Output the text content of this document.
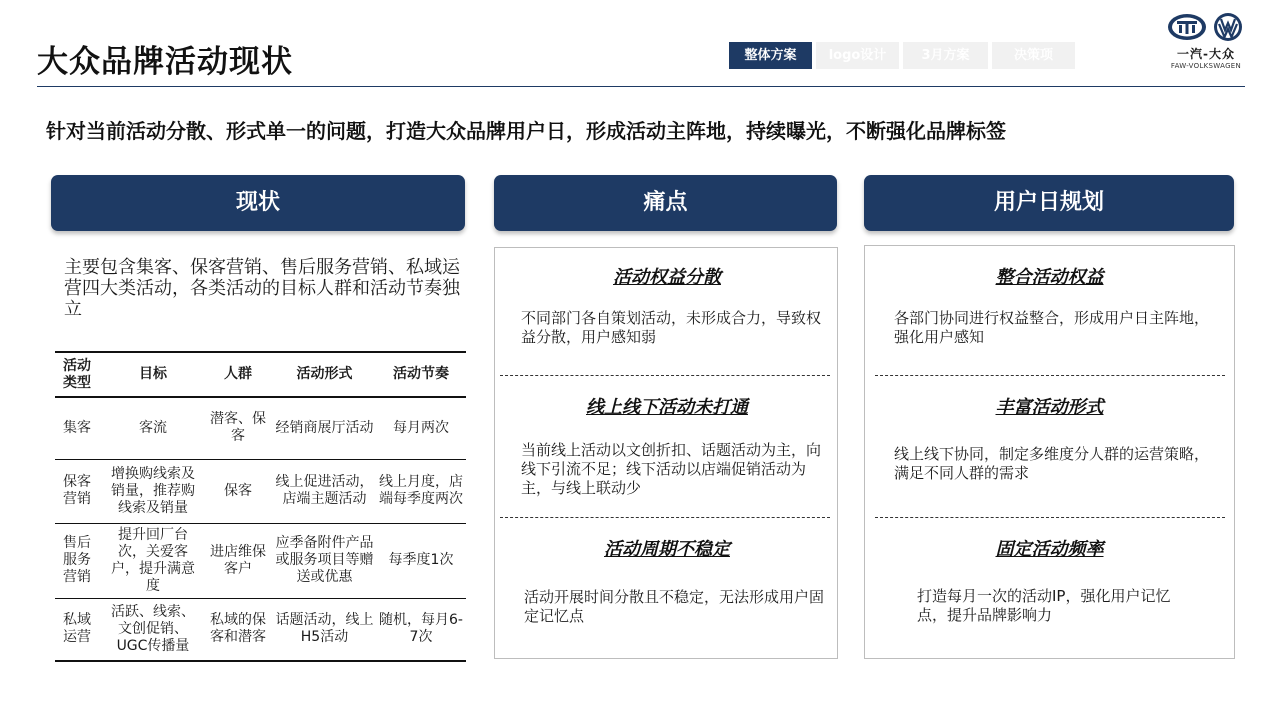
大众品牌活动现状	整体方案	logo设计	3月方案	决策项	一汽-大众
FAW-VOLKSWAGEN
针对当前活动分散、形式单一的问题，打造大众品牌用户日，形成活动主阵地，持续曝光，不断强化品牌标签
现状	痛点	用户日规划
主要包含集客、保客营销、售后服务营销、私域运营四大类活动，各类活动的目标人群和活动节奏独立
活动类型	目标	人群	活动形式	活动节奏
集客	客流	潜客、保客	经销商展厅活动	每月两次
保客营销	增换购线索及销量，推荐购线索及销量	保客	线上促进活动，店端主题活动	线上月度，店端每季度两次
售后服务营销	提升回厂台次，关爱客户，提升满意度	进店维保客户	应季备附件产品或服务项目等赠送或优惠	每季度1次
私域运营	活跃、线索、文创促销、UGC传播量	私域的保客和潜客	话题活动，线上H5活动	随机，每月6-7次
活动权益分散
不同部门各自策划活动，未形成合力，导致权益分散，用户感知弱
线上线下活动未打通
当前线上活动以文创折扣、话题活动为主，向线下引流不足；线下活动以店端促销活动为主，与线上联动少
活动周期不稳定
活动开展时间分散且不稳定，无法形成用户固定记忆点
整合活动权益
各部门协同进行权益整合，形成用户日主阵地，强化用户感知
丰富活动形式
线上线下协同，制定多维度分人群的运营策略，满足不同人群的需求
固定活动频率
打造每月一次的活动IP，强化用户记忆点，提升品牌影响力
